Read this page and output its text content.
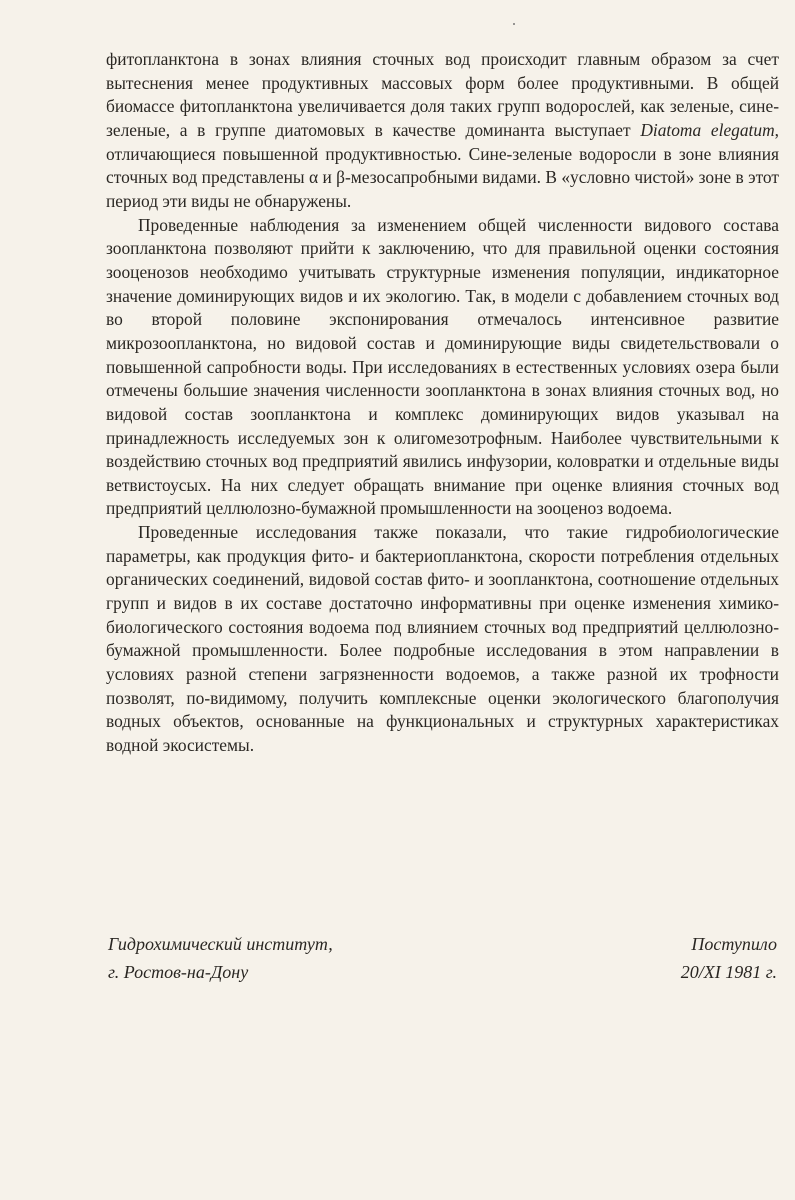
фитопланктона в зонах влияния сточных вод происходит главным образом за счет вытеснения менее продуктивных массовых форм более продуктивными. В общей биомассе фитопланктона увеличивается доля таких групп водорослей, как зеленые, сине-зеленые, а в группе диатомовых в качестве доминанта выступает Diatoma elegatum, отличающиеся повышенной продуктивностью. Сине-зеленые водоросли в зоне влияния сточных вод представлены α и β-мезосапробными видами. В «условно чистой» зоне в этот период эти виды не обнаружены.

Проведенные наблюдения за изменением общей численности видового состава зоопланктона позволяют прийти к заключению, что для правильной оценки состояния зооценозов необходимо учитывать структурные изменения популяции, индикаторное значение доминирующих видов и их экологию. Так, в модели с добавлением сточных вод во второй половине экспонирования отмечалось интенсивное развитие микрозоопланктона, но видовой состав и доминирующие виды свидетельствовали о повышенной сапробности воды. При исследованиях в естественных условиях озера были отмечены большие значения численности зоопланктона в зонах влияния сточных вод, но видовой состав зоопланктона и комплекс доминирующих видов указывал на принадлежность исследуемых зон к олигомезотрофным. Наиболее чувствительными к воздействию сточных вод предприятий явились инфузории, коловратки и отдельные виды ветвистоусых. На них следует обращать внимание при оценке влияния сточных вод предприятий целлюлозно-бумажной промышленности на зооценоз водоема.

Проведенные исследования также показали, что такие гидробиологические параметры, как продукция фито- и бактериопланктона, скорости потребления отдельных органических соединений, видовой состав фито- и зоопланктона, соотношение отдельных групп и видов в их составе достаточно информативны при оценке изменения химико-биологического состояния водоема под влиянием сточных вод предприятий целлюлозно-бумажной промышленности. Более подробные исследования в этом направлении в условиях разной степени загрязненности водоемов, а также разной их трофности позволят, по-видимому, получить комплексные оценки экологического благополучия водных объектов, основанные на функциональных и структурных характеристиках водной экосистемы.

Гидрохимический институт,
г. Ростов-на-Дону
Поступило
20/XI 1981 г.
